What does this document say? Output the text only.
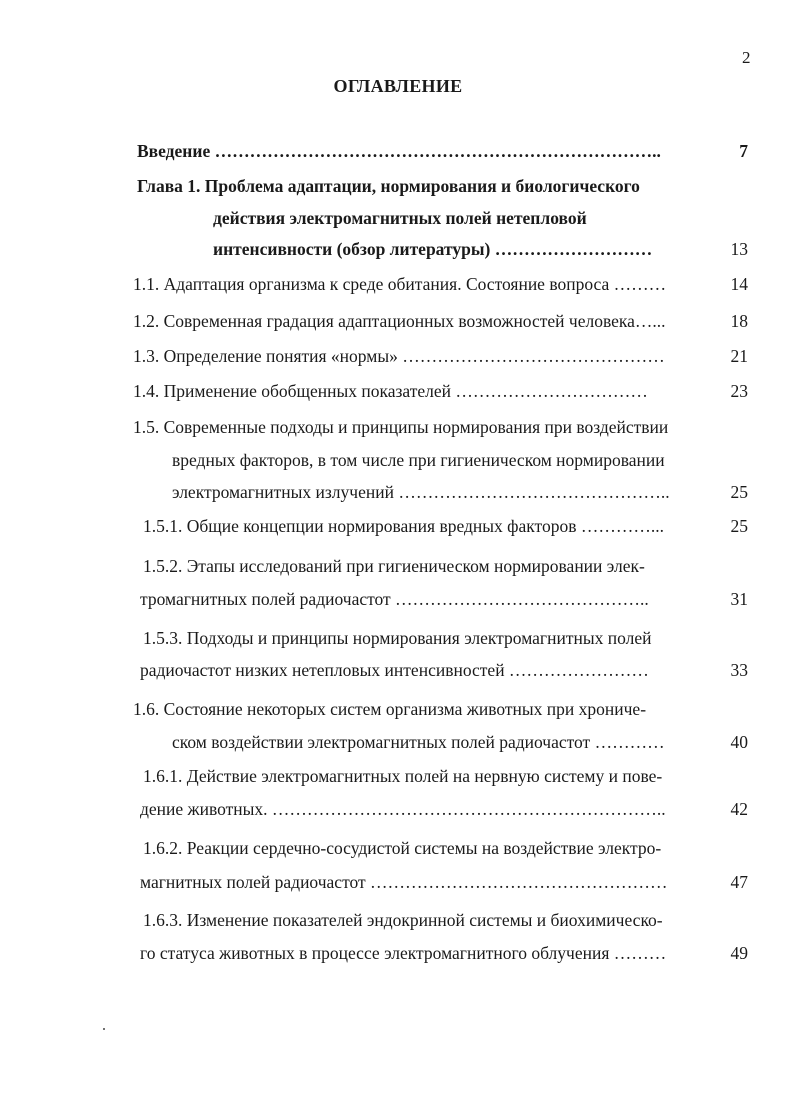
2
ОГЛАВЛЕНИЕ
Введение …………………………………………………………………..	7
Глава 1. Проблема адаптации, нормирования и биологического
действия электромагнитных полей нетепловой
интенсивности (обзор литературы) ………………………	13
1.1. Адаптация организма к среде обитания. Состояние вопроса ………	14
1.2. Современная градация адаптационных возможностей человека…...	18
1.3. Определение понятия «нормы» ………………………………………	21
1.4. Применение обобщенных показателей ……………………………	23
1.5. Современные подходы и принципы нормирования при воздействии
вредных факторов, в том числе при гигиеническом нормировании
электромагнитных излучений ………………………………………..	25
1.5.1. Общие концепции нормирования вредных факторов …………...	25
1.5.2. Этапы исследований при гигиеническом нормировании элек-
тромагнитных полей радиочастот ……………………………………..	31
1.5.3. Подходы и принципы нормирования электромагнитных полей
радиочастот низких нетепловых интенсивностей ……………………	33
1.6. Состояние некоторых систем организма животных при хрониче-
ском воздействии электромагнитных полей радиочастот …………	40
1.6.1. Действие электромагнитных полей на нервную систему и пове-
дение животных. …………………………………………………………..	42
1.6.2. Реакции сердечно-сосудистой системы на воздействие электро-
магнитных полей радиочастот ……………………………………………	47
1.6.3. Изменение показателей эндокринной системы и биохимическо-
го статуса животных в процессе электромагнитного облучения ………	49
